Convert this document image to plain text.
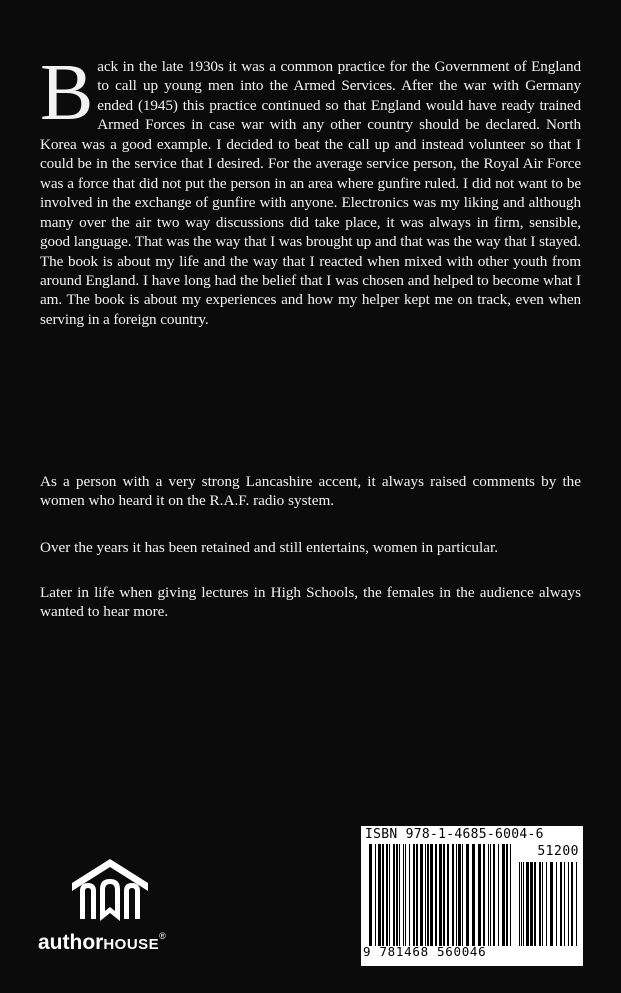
Back in the late 1930s it was a common practice for the Government of England to call up young men into the Armed Services. After the war with Germany ended (1945) this practice continued so that England would have ready trained Armed Forces in case war with any other country should be declared. North Korea was a good example. I decided to beat the call up and instead volunteer so that I could be in the service that I desired. For the average service person, the Royal Air Force was a force that did not put the person in an area where gunfire ruled. I did not want to be involved in the exchange of gunfire with anyone. Electronics was my liking and although many over the air two way discussions did take place, it was always in firm, sensible, good language. That was the way that I was brought up and that was the way that I stayed. The book is about my life and the way that I reacted when mixed with other youth from around England. I have long had the belief that I was chosen and helped to become what I am. The book is about my experiences and how my helper kept me on track, even when serving in a foreign country.
As a person with a very strong Lancashire accent, it always raised comments by the women who heard it on the R.A.F. radio system.
Over the years it has been retained and still entertains, women in particular.
Later in life when giving lectures in High Schools, the females in the audience always wanted to hear more.
authorHOUSE®
ISBN 978-1-4685-6004-6
51200
9 781468 560046
